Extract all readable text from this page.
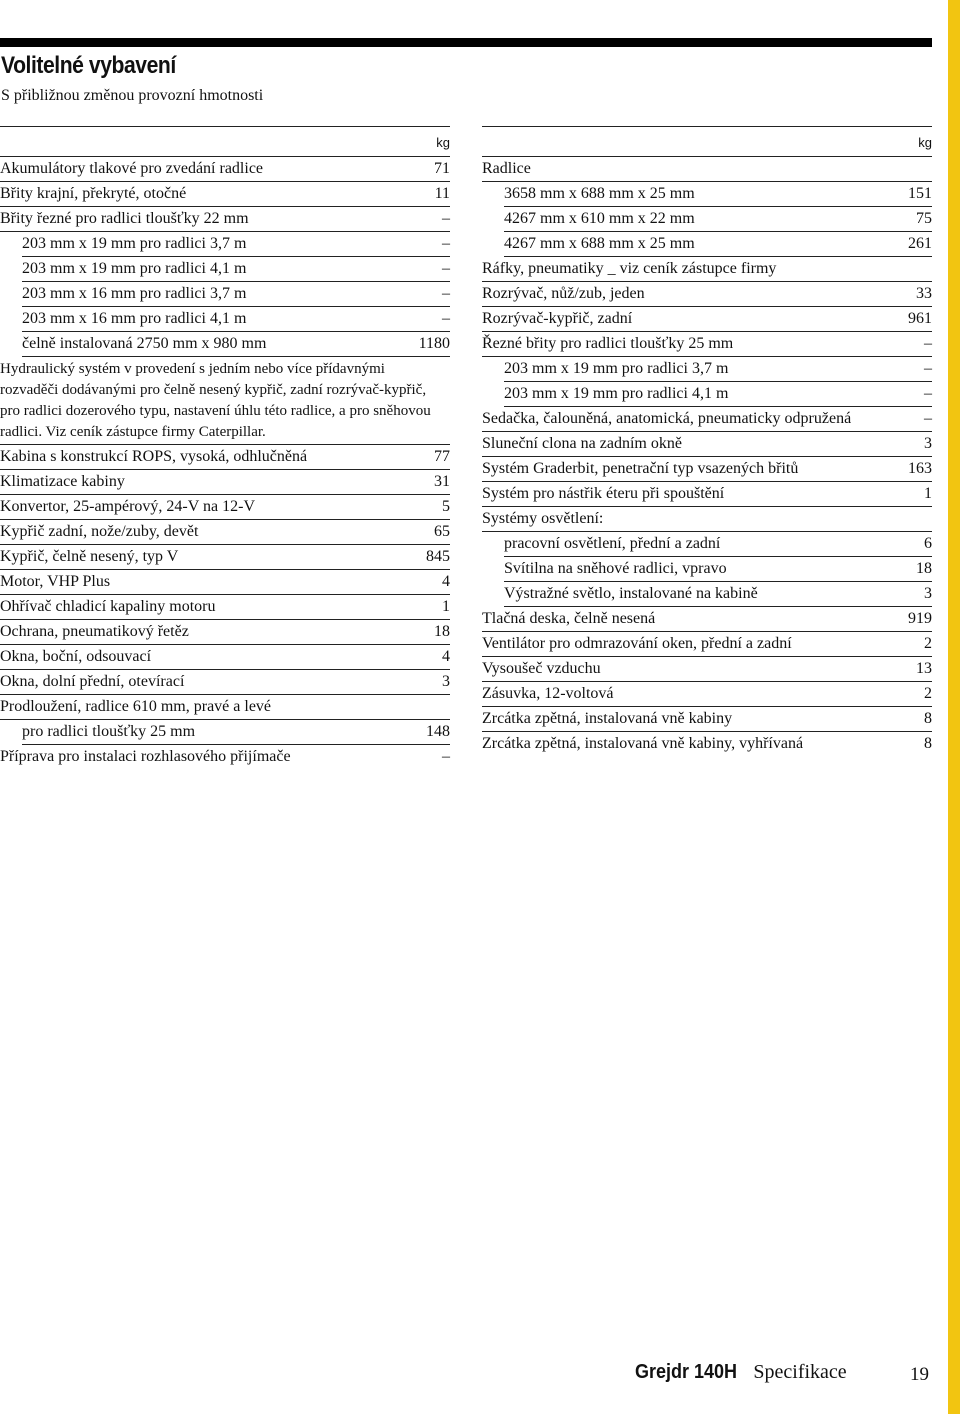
Volitelné vybavení
S přibližnou změnou provozní hmotnosti
kg
Akumulátory tlakové pro zvedání radlice	71
Břity krajní, překryté, otočné	11
Břity řezné pro radlici tloušťky 22 mm	–
203 mm x 19 mm pro radlici 3,7 m	–
203 mm x 19 mm pro radlici 4,1 m	–
203 mm x 16 mm pro radlici 3,7 m	–
203 mm x 16 mm pro radlici 4,1 m	–
čelně instalovaná 2750 mm x 980 mm	1180
Hydraulický systém v provedení s jedním nebo více přídavnými rozvaděči dodávanými pro čelně nesený kypřič, zadní rozrývač-kypřič, pro radlici dozerového typu, nastavení úhlu této radlice, a pro sněhovou radlici. Viz ceník zástupce firmy Caterpillar.
Kabina s konstrukcí ROPS, vysoká, odhlučněná	77
Klimatizace kabiny	31
Konvertor, 25-ampérový, 24-V na 12-V	5
Kypřič zadní, nože/zuby, devět	65
Kypřič, čelně nesený, typ V	845
Motor, VHP Plus	4
Ohřívač chladicí kapaliny motoru	1
Ochrana, pneumatikový řetěz	18
Okna, boční, odsouvací	4
Okna, dolní přední, otevírací	3
Prodloužení, radlice 610 mm, pravé a levé
pro radlici tloušťky 25 mm	148
Příprava pro instalaci rozhlasového přijímače	–
kg
Radlice
3658 mm x 688 mm x 25 mm	151
4267 mm x 610 mm x 22 mm	75
4267 mm x 688 mm x 25 mm	261
Ráfky, pneumatiky _ viz ceník zástupce firmy
Rozrývač, nůž/zub, jeden	33
Rozrývač-kypřič, zadní	961
Řezné břity pro radlici tloušťky 25 mm	–
203 mm x 19 mm pro radlici 3,7 m	–
203 mm x 19 mm pro radlici 4,1 m	–
Sedačka, čalouněná, anatomická, pneumaticky odpružená	–
Sluneční clona na zadním okně	3
Systém Graderbit, penetrační typ vsazených břitů	163
Systém pro nástřik éteru při spouštění	1
Systémy osvětlení:
pracovní osvětlení, přední a zadní	6
Svítilna na sněhové radlici, vpravo	18
Výstražné světlo, instalované na kabině	3
Tlačná deska, čelně nesená	919
Ventilátor pro odmrazování oken, přední a zadní	2
Vysoušeč vzduchu	13
Zásuvka, 12-voltová	2
Zrcátka zpětná, instalovaná vně kabiny	8
Zrcátka zpětná, instalovaná vně kabiny, vyhřívaná	8
Grejdr 140H Specifikace	19
